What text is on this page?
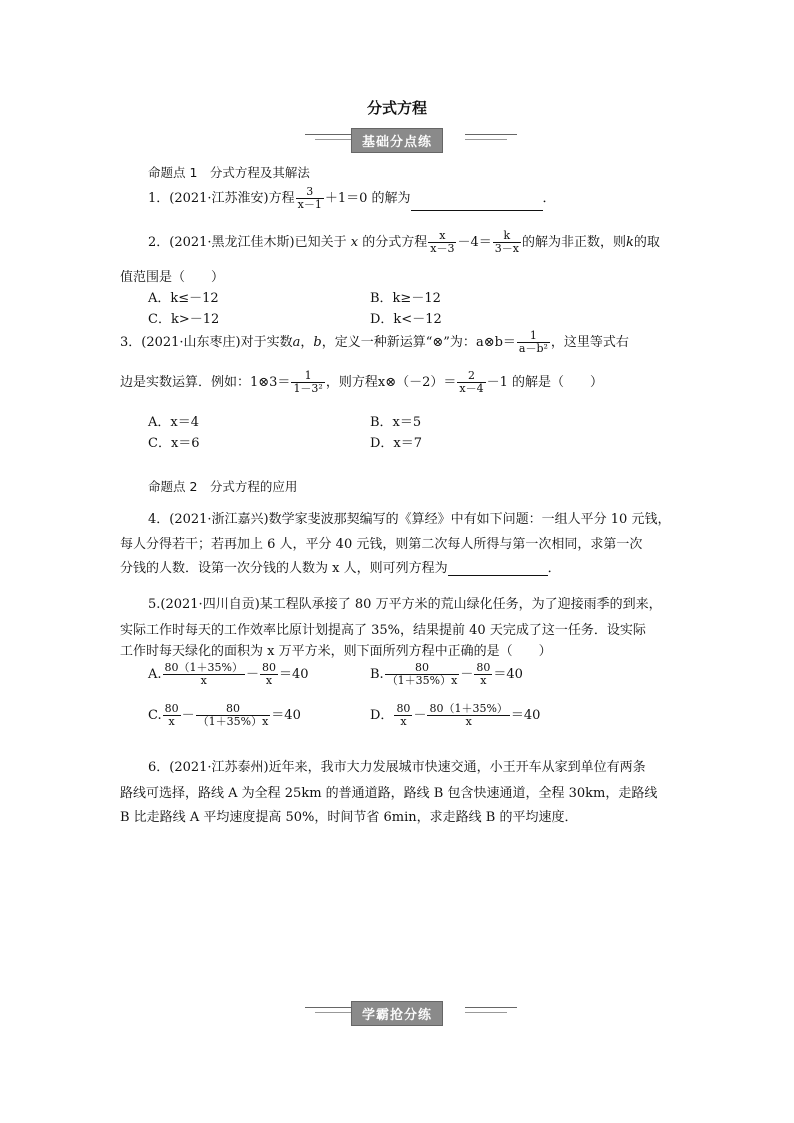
分式方程
基础分点练
命题点 1　分式方程及其解法
1．(2021·江苏淮安)方程 $\frac{3}{x-1} +1=0$ 的解为	．
2．(2021·黑龙江佳木斯)已知关于 x 的分式方程 $\frac{x}{x-3} -4= \frac{k}{3-x}$ 的解为非正数，则k的取
值范围是（　　）
A．k≤－12	B．k≥－12
C．k>－12	D．k<－12
3．(2021·山东枣庄)对于实数a，b，定义一种新运算“⊗”为：a⊗b＝ $\frac{1}{\text{a－b²}}$ ，这里等式右
边是实数运算．例如：1⊗3＝ $\frac{1}{\text{1－3²}}$ ，则方程x⊗（－2）＝ $\frac{2}{x-4} -1$ 的解是（　　）
A．x＝4	B．x＝5
C．x＝6	D．x＝7
命题点 2　分式方程的应用
4．(2021·浙江嘉兴)数学家斐波那契编写的《算经》中有如下问题：一组人平分 10 元钱，
每人分得若干；若再加上 6 人，平分 40 元钱，则第二次每人所得与第一次相同，求第一次
分钱的人数．设第一次分钱的人数为 x 人，则可列方程为	．
5.(2021·四川自贡)某工程队承接了 80 万平方米的荒山绿化任务，为了迎接雨季的到来，
实际工作时每天的工作效率比原计划提高了 35%，结果提前 40 天完成了这一任务．设实际
工作时每天绿化的面积为 x 万平方米，则下面所列方程中正确的是（　　）
A. $\frac{80(1+35\%)}{x} - \frac{80}{x} =40$	B. $\frac{80}{(1+35\%)x} - \frac{80}{x} =40$
C. $\frac{80}{x} - \frac{80}{(1+35\%)x} =40$	D． $\frac{80}{x} - \frac{80(1+35\%)}{x} =40$
6．(2021·江苏泰州)近年来，我市大力发展城市快速交通，小王开车从家到单位有两条
路线可选择，路线 A 为全程 25km 的普通道路，路线 B 包含快速通道，全程 30km，走路线
B 比走路线 A 平均速度提高 50%，时间节省 6min，求走路线 B 的平均速度．
学霸抢分练
